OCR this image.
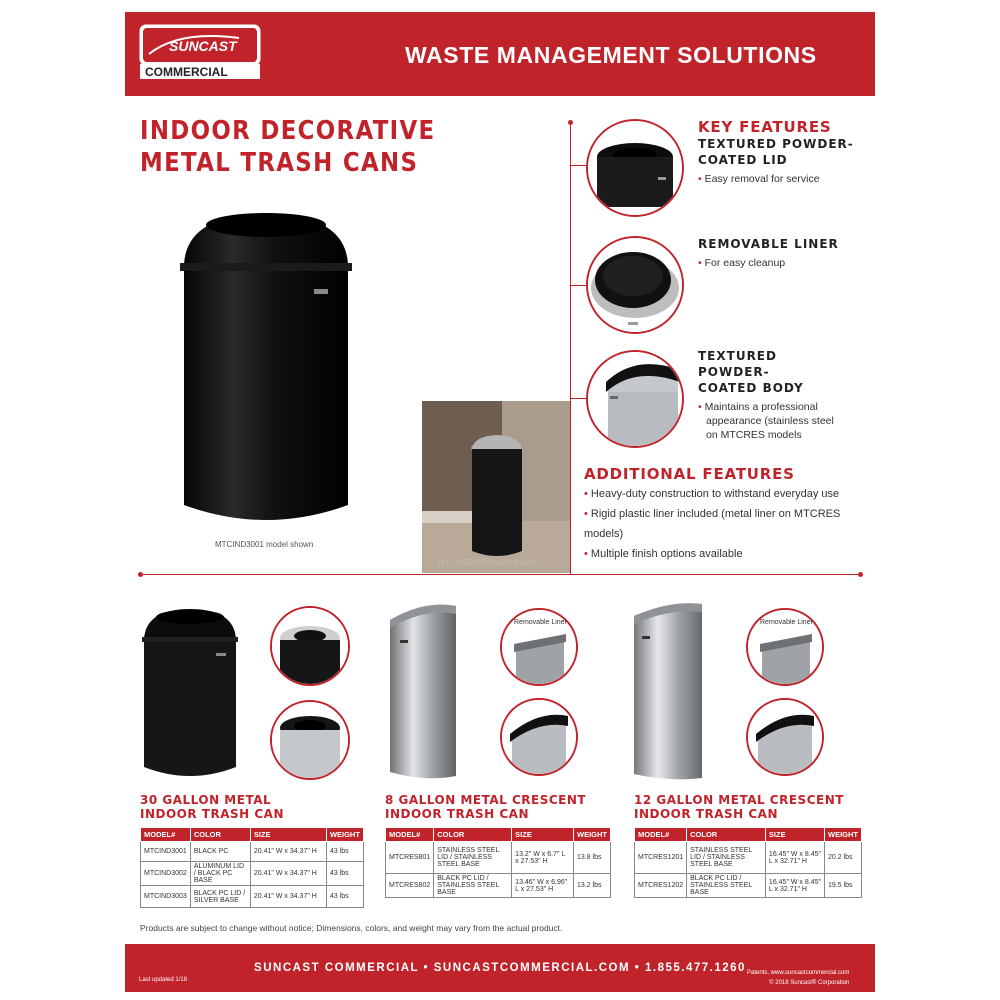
SUNCAST
COMMERCIAL
WASTE MANAGEMENT SOLUTIONS
INDOOR DECORATIVE
METAL TRASH CANS
MTCIND3001 model shown
MTCIND3002 model shown
KEY FEATURES
TEXTURED POWDER-
COATED LID
• Easy removal for service
REMOVABLE LINER
• For easy cleanup
TEXTURED POWDER-
COATED BODY
• Maintains a professional appearance (stainless steel on MTCRES models
ADDITIONAL FEATURES
• Heavy-duty construction to withstand everyday use
• Rigid plastic liner included (metal liner on MTCRES models)
• Multiple finish options available
30 GALLON METAL
INDOOR TRASH CAN
MODEL#	COLOR	SIZE	WEIGHT
MTCIND3001	BLACK PC	20.41" W x 34.37" H	43 lbs
MTCIND3002	ALUMINUM LID / BLACK PC BASE	20.41" W x 34.37" H	43 lbs
MTCIND3003	BLACK PC LID / SILVER BASE	20.41" W x 34.37" H	43 lbs
Removable Liner
8 GALLON METAL CRESCENT
INDOOR TRASH CAN
MODEL#	COLOR	SIZE	WEIGHT
MTCRES801	STAINLESS STEEL LID / STAINLESS STEEL BASE	13.2" W x 6.7" L x 27.53" H	13.8 lbs
MTCRES802	BLACK PC LID / STAINLESS STEEL BASE	13.46" W x 6.96" L x 27.53" H	13.2 lbs
Removable Liner
12 GALLON METAL CRESCENT
INDOOR TRASH CAN
MODEL#	COLOR	SIZE	WEIGHT
MTCRES1201	STAINLESS STEEL LID / STAINLESS STEEL BASE	16.45" W x 8.45" L x 32.71" H	20.2 lbs
MTCRES1202	BLACK PC LID / STAINLESS STEEL BASE	16.45" W x 8.45" L x 32.71" H	19.5 lbs
Products are subject to change without notice; Dimensions, colors, and weight may vary from the actual product.
SUNCAST COMMERCIAL • SUNCASTCOMMERCIAL.COM • 1.855.477.1260
Last updated 1/18
Patents, www.suncastcommercial.com
© 2018 Suncast® Corporation
